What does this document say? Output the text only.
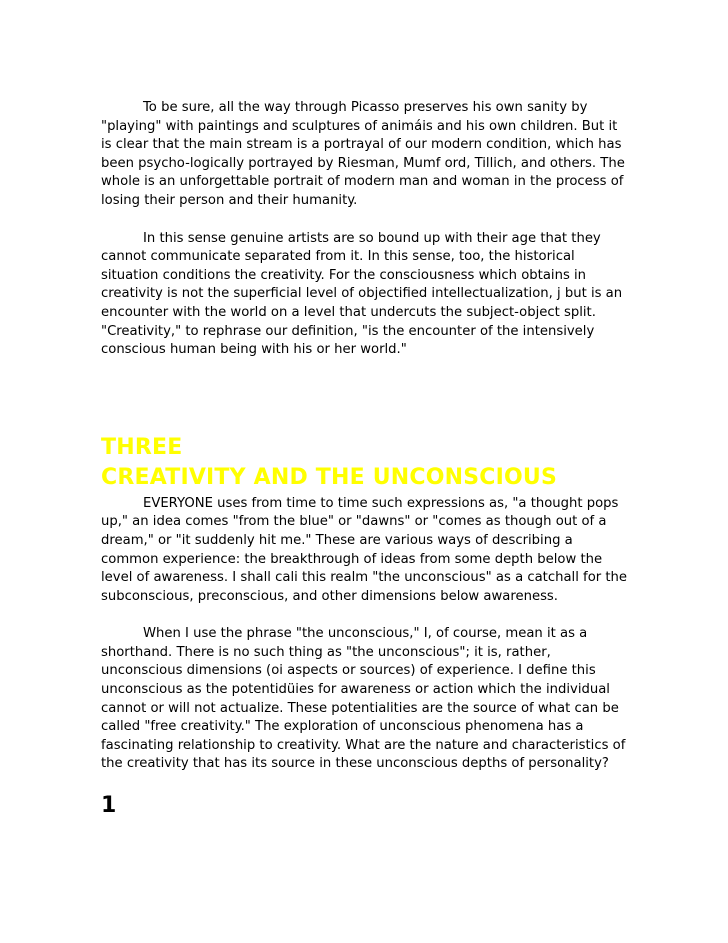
To be sure, all the way through Picasso preserves his own sanity by "playing" with paintings and sculptures of animáis and his own children. But it is clear that the main stream is a portrayal of our modern condition, which has been psycho-logically portrayed by Riesman, Mumf ord, Tillich, and others. The whole is an unforgettable portrait of modern man and woman in the process of losing their person and their humanity.

In this sense genuine artists are so bound up with their age that they cannot communicate separated from it. In this sense, too, the historical situation conditions the creativity. For the consciousness which obtains in creativity is not the superficial level of objectified intellectualization, j but is an encounter with the world on a level that undercuts the subject-object split. "Creativity," to rephrase our definition, "is the encounter of the intensively conscious human being with his or her world."

THREE
CREATIVITY AND THE UNCONSCIOUS

EVERYONE uses from time to time such expressions as, "a thought pops up," an idea comes "from the blue" or "dawns" or "comes as though out of a dream," or "it suddenly hit me." These are various ways of describing a common experience: the breakthrough of ideas from some depth below the level of awareness. I shall cali this realm "the unconscious" as a catchall for the subconscious, preconscious, and other dimensions below awareness.

When I use the phrase "the unconscious," I, of course, mean it as a shorthand. There is no such thing as "the unconscious"; it is, rather, unconscious dimensions (oi aspects or sources) of experience. I define this unconscious as the potentidüies for awareness or action which the individual cannot or will not actualize. These potentialities are the source of what can be called "free creativity." The exploration of unconscious phenomena has a fascinating relationship to creativity. What are the nature and characteristics of the creativity that has its source in these unconscious depths of personality?

1
